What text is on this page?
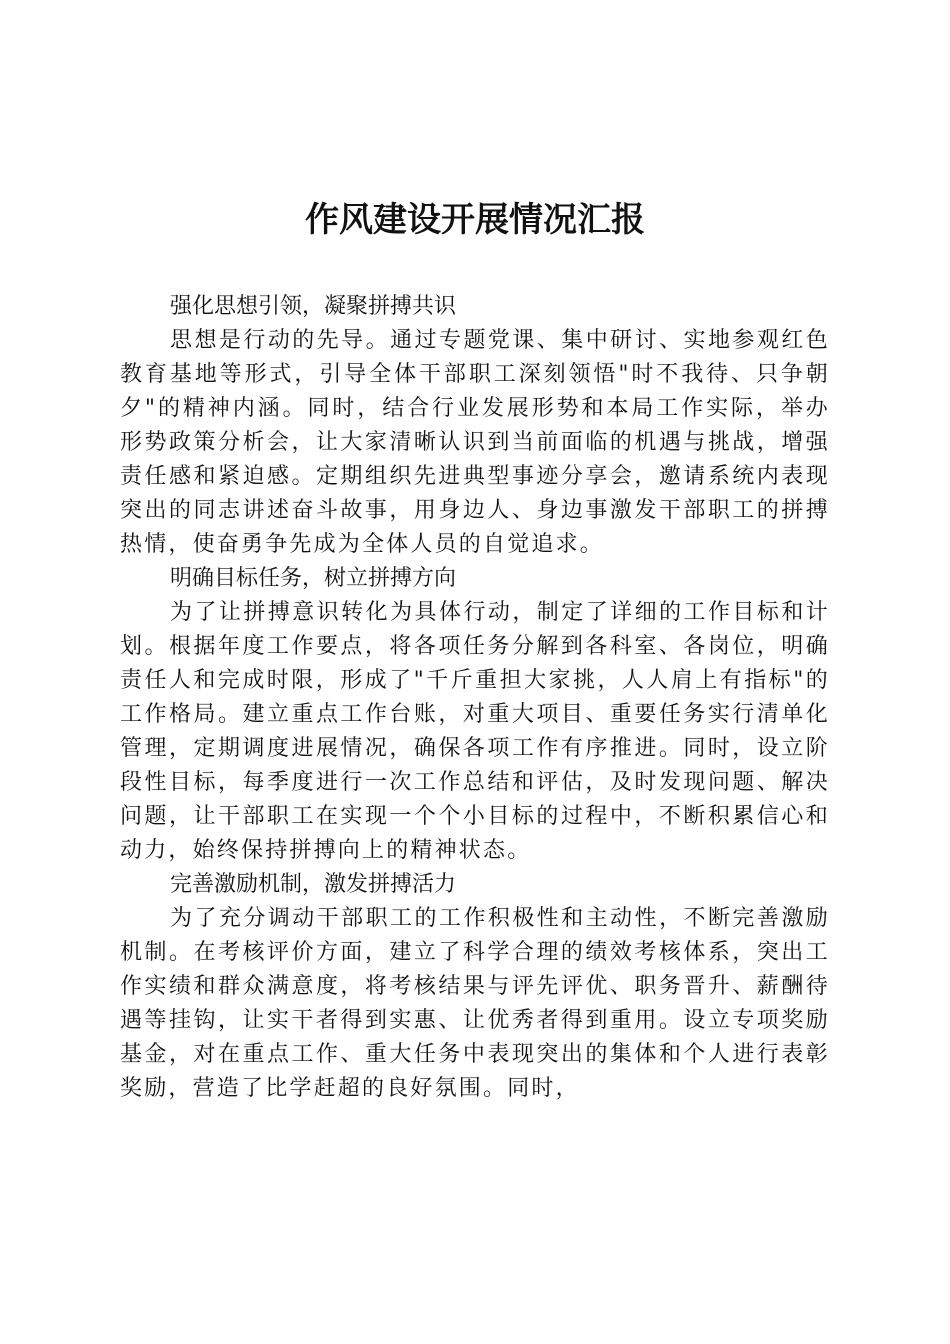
作风建设开展情况汇报
强化思想引领，凝聚拼搏共识

思想是行动的先导。通过专题党课、集中研讨、实地参观红色教育基地等形式，引导全体干部职工深刻领悟"时不我待、只争朝夕"的精神内涵。同时，结合行业发展形势和本局工作实际，举办形势政策分析会，让大家清晰认识到当前面临的机遇与挑战，增强责任感和紧迫感。定期组织先进典型事迹分享会，邀请系统内表现突出的同志讲述奋斗故事，用身边人、身边事激发干部职工的拼搏热情，使奋勇争先成为全体人员的自觉追求。

明确目标任务，树立拼搏方向

为了让拼搏意识转化为具体行动，制定了详细的工作目标和计划。根据年度工作要点，将各项任务分解到各科室、各岗位，明确责任人和完成时限，形成了"千斤重担大家挑，人人肩上有指标"的工作格局。建立重点工作台账，对重大项目、重要任务实行清单化管理，定期调度进展情况，确保各项工作有序推进。同时，设立阶段性目标，每季度进行一次工作总结和评估，及时发现问题、解决问题，让干部职工在实现一个个小目标的过程中，不断积累信心和动力，始终保持拼搏向上的精神状态。

完善激励机制，激发拼搏活力

为了充分调动干部职工的工作积极性和主动性，不断完善激励机制。在考核评价方面，建立了科学合理的绩效考核体系，突出工作实绩和群众满意度，将考核结果与评先评优、职务晋升、薪酬待遇等挂钩，让实干者得到实惠、让优秀者得到重用。设立专项奖励基金，对在重点工作、重大任务中表现突出的集体和个人进行表彰奖励，营造了比学赶超的良好氛围。同时，
